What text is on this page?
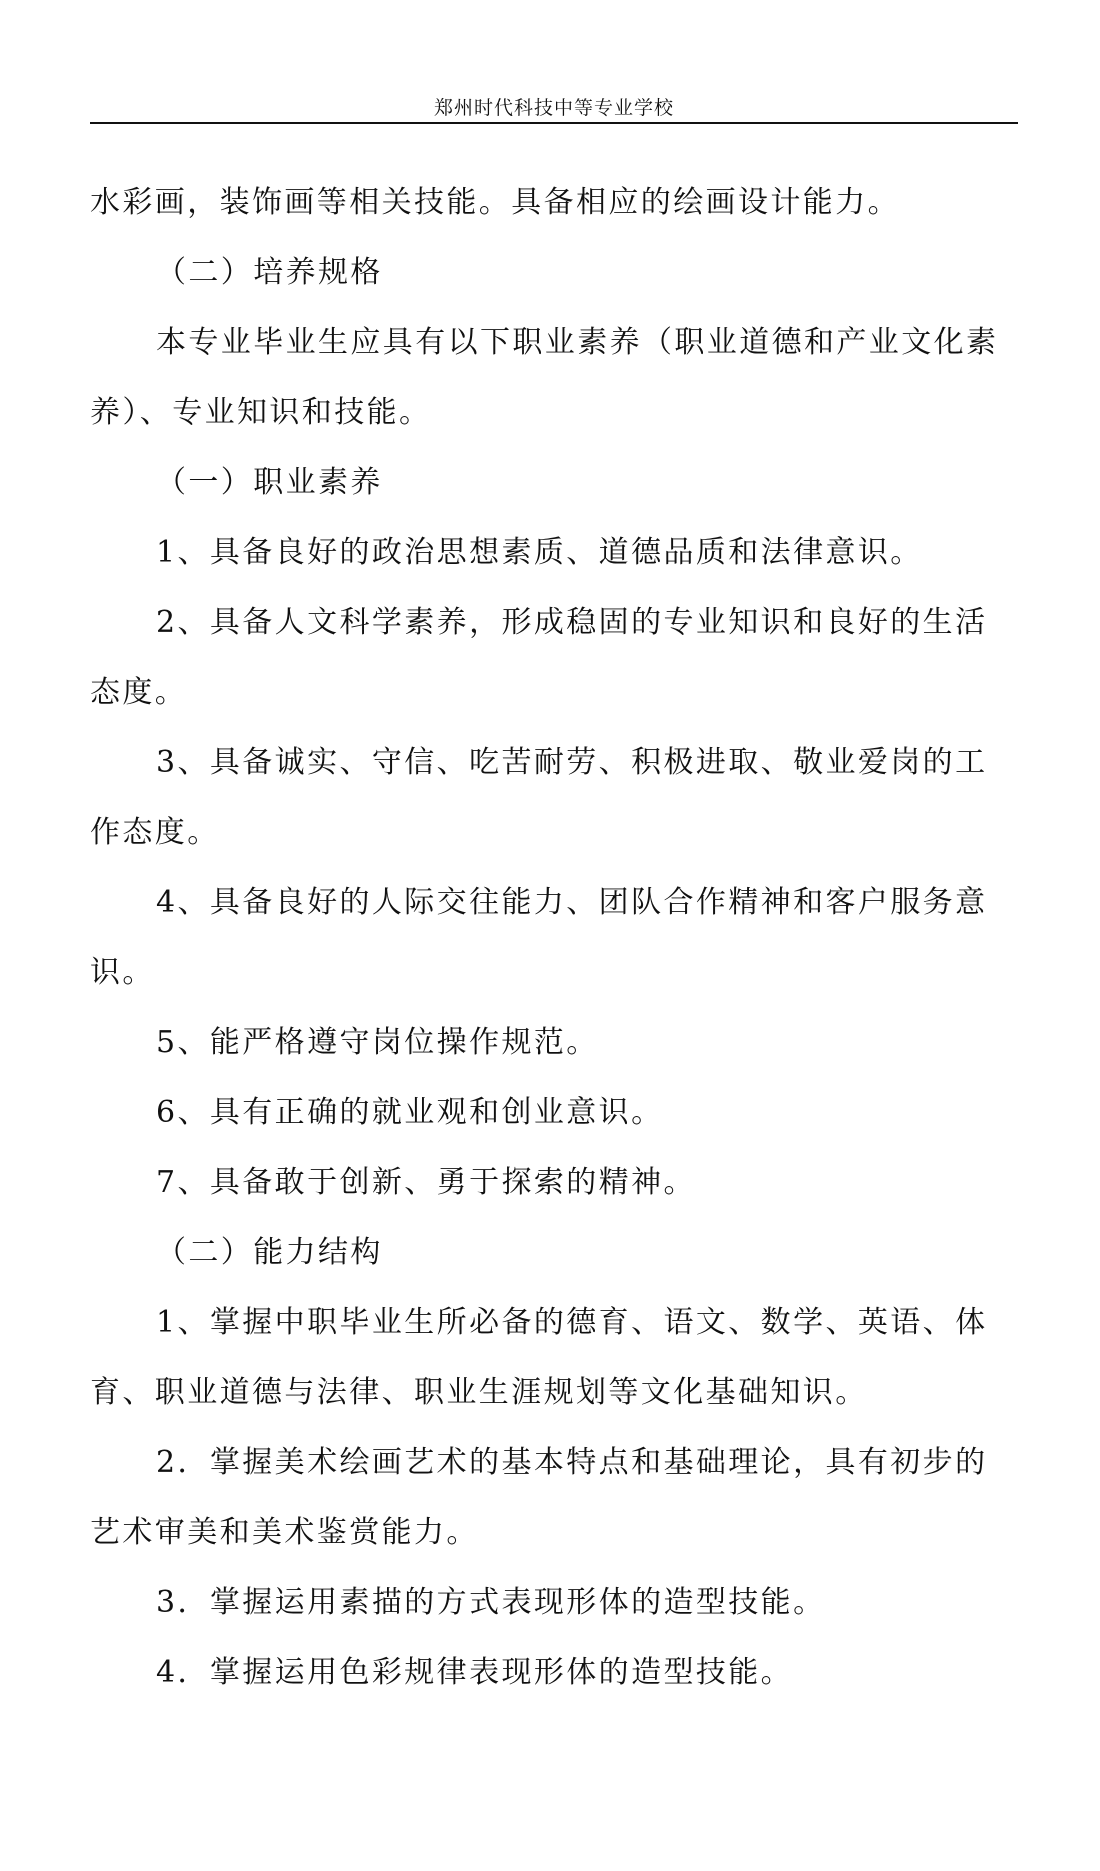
郑州时代科技中等专业学校

水彩画，装饰画等相关技能。具备相应的绘画设计能力。

（二）培养规格

本专业毕业生应具有以下职业素养（职业道德和产业文化素

养）、专业知识和技能。

（一）职业素养

1、具备良好的政治思想素质、道德品质和法律意识。

2、具备人文科学素养，形成稳固的专业知识和良好的生活

态度。

3、具备诚实、守信、吃苦耐劳、积极进取、敬业爱岗的工

作态度。

4、具备良好的人际交往能力、团队合作精神和客户服务意

识。

5、能严格遵守岗位操作规范。

6、具有正确的就业观和创业意识。

7、具备敢于创新、勇于探索的精神。

（二）能力结构

1、掌握中职毕业生所必备的德育、语文、数学、英语、体

育、职业道德与法律、职业生涯规划等文化基础知识。

2．掌握美术绘画艺术的基本特点和基础理论，具有初步的

艺术审美和美术鉴赏能力。

3．掌握运用素描的方式表现形体的造型技能。

4．掌握运用色彩规律表现形体的造型技能。
